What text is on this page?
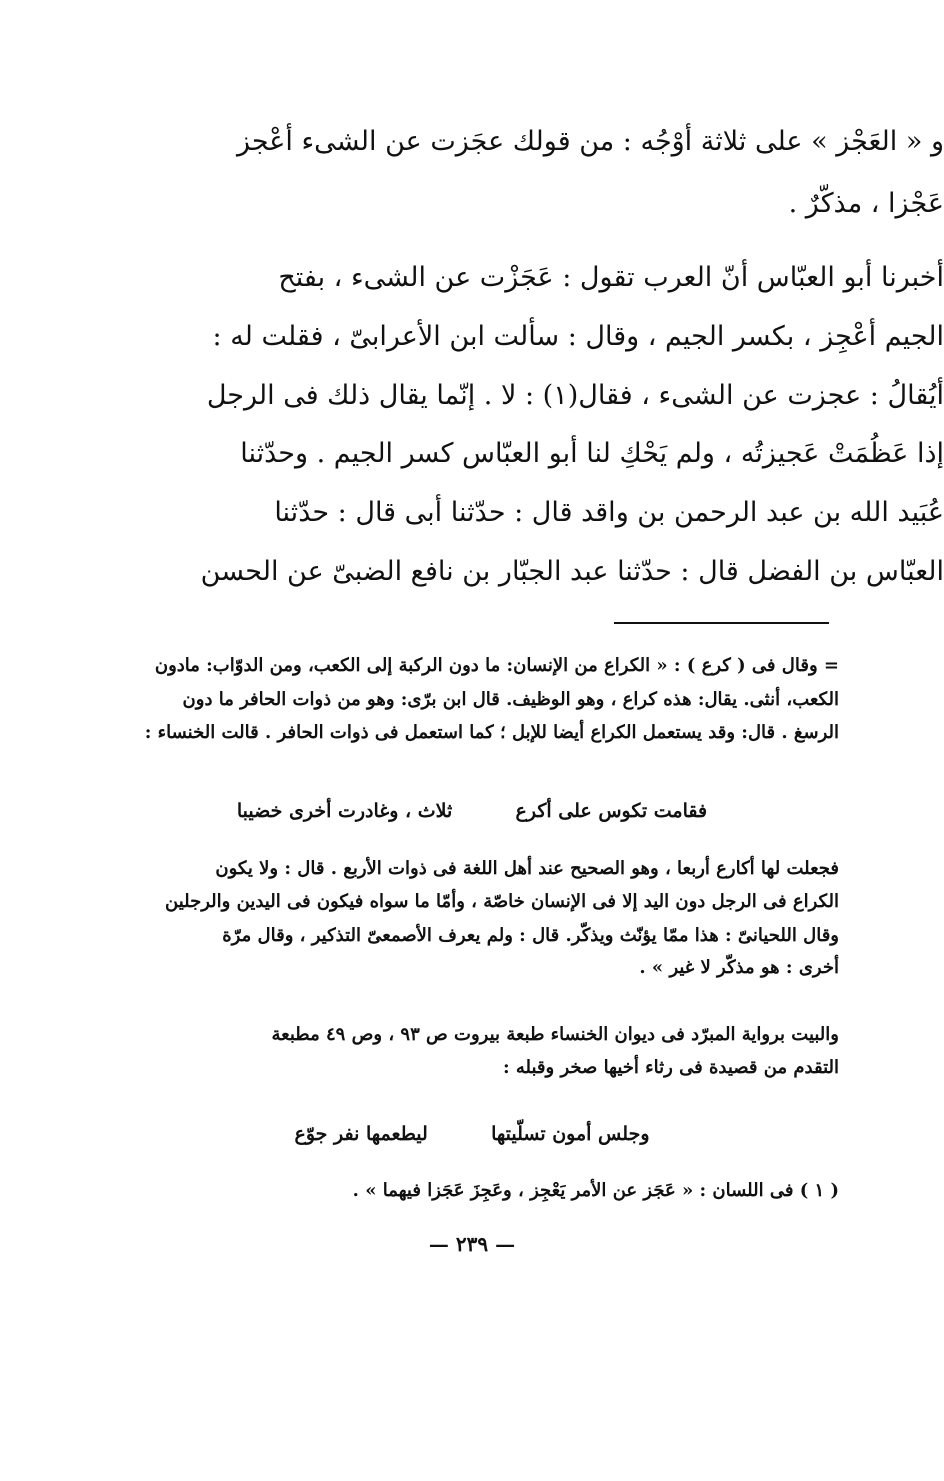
و « العَجْز » على ثلاثة أوْجُه : من قولك عجَزت عن الشىء أعْجز
عَجْزا ، مذكّرٌ .
أخبرنا أبو العبّاس أنّ العرب تقول : عَجَزْت عن الشىء ، بفتح
الجيم أعْجِز ، بكسر الجيم ، وقال : سألت ابن الأعرابىّ ، فقلت له :
أيُقالُ : عجزت عن الشىء ، فقال(١) : لا . إنّما يقال ذلك فى الرجل
إذا عَظُمَتْ عَجيزتُه ، ولم يَحْكِ لنا أبو العبّاس كسر الجيم . وحدّثنا
عُبَيد الله بن عبد الرحمن بن واقد قال : حدّثنا أبى قال : حدّثنا
العبّاس بن الفضل قال : حدّثنا عبد الجبّار بن نافع الضبىّ عن الحسن
= وقال فى ( كرع ) : « الكراع من الإنسان: ما دون الركبة إلى الكعب، ومن الدوّاب: مادون
الكعب، أنثى. يقال: هذه كراع ، وهو الوظيف. قال ابن برّى: وهو من ذوات الحافر ما دون
الرسغ . قال: وقد يستعمل الكراع أيضا للإبل ؛ كما استعمل فى ذوات الحافر . قالت الخنساء :
فقامت تكوس على أكرع  ثلاث ، وغادرت أخرى خضيبا
فجعلت لها أكارع أربعا ، وهو الصحيح عند أهل اللغة فى ذوات الأربع . قال : ولا يكون
الكراع فى الرجل دون اليد إلا فى الإنسان خاصّة ، وأمّا ما سواه فيكون فى اليدين والرجلين
وقال اللحيانىّ : هذا ممّا يؤنّث ويذكّر. قال : ولم يعرف الأصمعىّ التذكير ، وقال مرّة
أخرى : هو مذكّر لا غير » .
والبيت برواية المبرّد فى ديوان الخنساء طبعة بيروت ص ٩٣ ، وص ٤٩ مطبعة
التقدم من قصيدة فى رثاء أخيها صخر وقبله :
وجلس أمون تسلّيتها  ليطعمها نفر جوّع
( ١ ) فى اللسان : « عَجَز عن الأمر يَعْجِز ، وعَجِزَ عَجَزا فيهما » .
— ٢٣٩ —
